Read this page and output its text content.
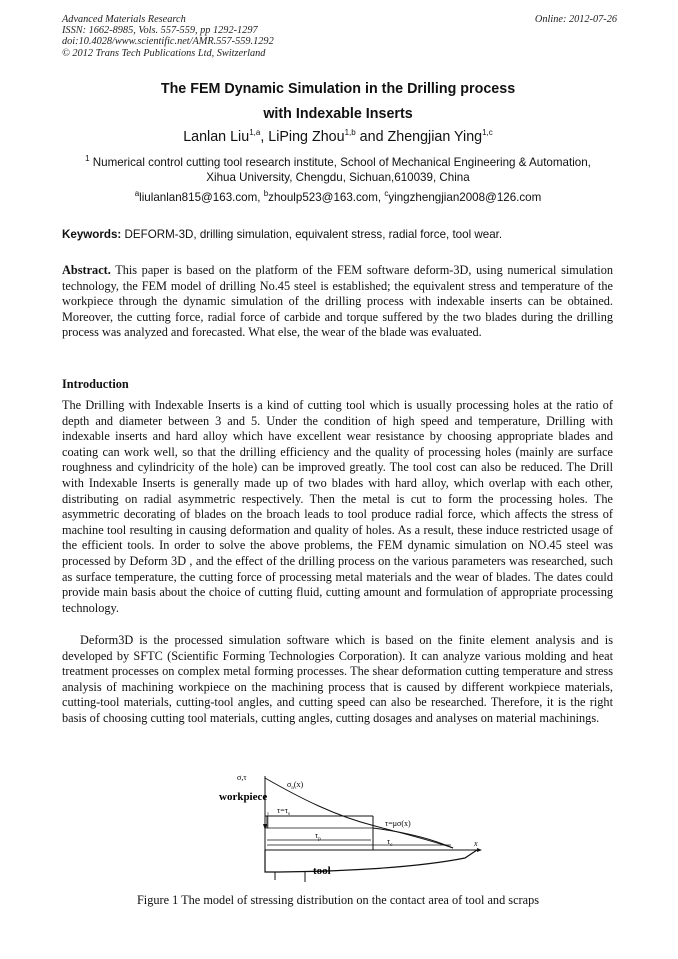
Advanced Materials Research
ISSN: 1662-8985, Vols. 557-559, pp 1292-1297
doi:10.4028/www.scientific.net/AMR.557-559.1292
© 2012 Trans Tech Publications Ltd, Switzerland
Online: 2012-07-26
The FEM Dynamic Simulation in the Drilling process
with Indexable Inserts
Lanlan Liu$^{1,a}$, LiPing Zhou$^{1,b}$ and Zhengjian Ying$^{1,c}$
$^1$ Numerical control cutting tool research institute, School of Mechanical Engineering & Automation,
Xihua University, Chengdu, Sichuan,610039, China
$^a$liulanlan815@163.com, $^b$zhoulp523@163.com, $^c$yingzhengjian2008@126.com
Keywords: DEFORM-3D, drilling simulation, equivalent stress, radial force, tool wear.
Abstract. This paper is based on the platform of the FEM software deform-3D, using numerical simulation technology, the FEM model of drilling No.45 steel is established; the equivalent stress and temperature of the workpiece through the dynamic simulation of the drilling process with indexable inserts can be obtained. Moreover, the cutting force, radial force of carbide and torque suffered by the two blades during the drilling process was analyzed and forecasted. What else, the wear of the blade was evaluated.
Introduction
The Drilling with Indexable Inserts is a kind of cutting tool which is usually processing holes at the ratio of depth and diameter between 3 and 5. Under the condition of high speed and temperature, Drilling with indexable inserts and hard alloy which have excellent wear resistance by choosing appropriate blades and coating can work well, so that the drilling efficiency and the quality of processing holes (mainly are surface roughness and cylindricity of the hole) can be improved greatly. The tool cost can also be reduced. The Drill with Indexable Inserts is generally made up of two blades with hard alloy, which overlap with each other, distributing on radial asymmetric respectively. Then the metal is cut to form the processing holes. The asymmetric decorating of blades on the broach leads to tool produce radial force, which affects the stress of machine tool resulting in causing deformation and quality of holes. As a result, these induce restricted usage of the efficient tools. In order to solve the above problems, the FEM dynamic simulation on NO.45 steel was processed by Deform 3D , and the effect of the drilling process on the various parameters was researched, such as surface temperature, the cutting force of processing metal materials and the wear of blades. The dates could provide main basis about the choice of cutting fluid, cutting amount and formulation of appropriate processing technology.
Deform3D is the processed simulation software which is based on the finite element analysis and is developed by SFTC (Scientific Forming Technologies Corporation). It can analyze various molding and heat treatment processes on complex metal forming processes. The shear deformation cutting temperature and stress analysis of machining workpiece on the machining process that is caused by different workpiece materials, cutting-tool materials, cutting-tool angles, and cutting speed can also be researched. Therefore, it is the right basis of choosing cutting tool materials, cutting angles, cutting dosages and analyses on material machinings.
σ,τ
$\sigma_n(x)$
$\tau=\tau_s$
τ=μσ(x)
$\tau_p$	$\tau_c$	x
workpiece
tool
Figure 1 The model of stressing distribution on the contact area of tool and scraps
